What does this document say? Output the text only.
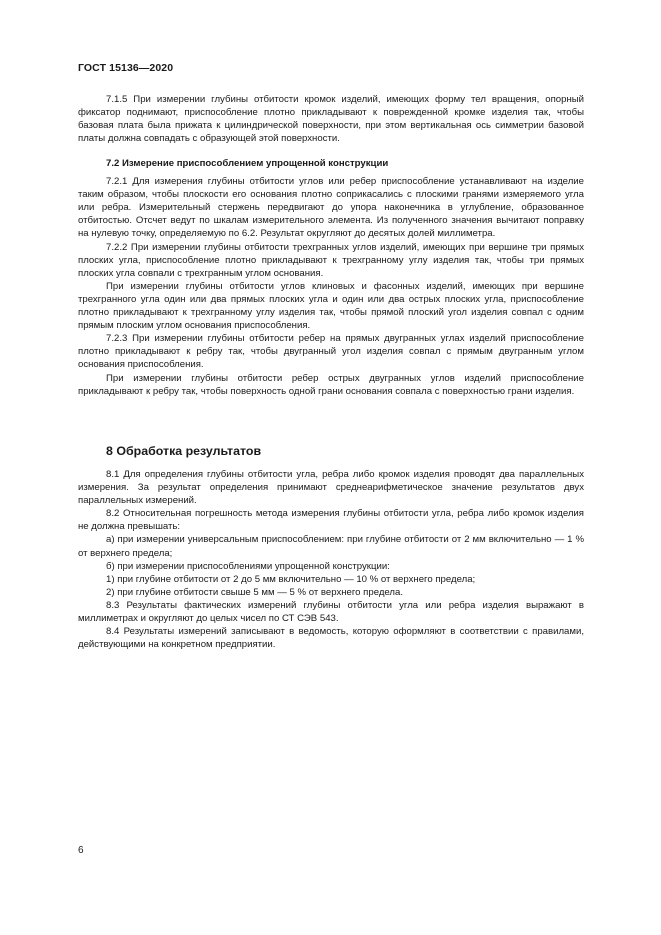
ГОСТ 15136—2020

7.1.5 При измерении глубины отбитости кромок изделий, имеющих форму тел вращения, опорный фиксатор поднимают, приспособление плотно прикладывают к поврежденной кромке изделия так, чтобы базовая плата была прижата к цилиндрической поверхности, при этом вертикальная ось симметрии базовой платы должна совпадать с образующей этой поверхности.

7.2 Измерение приспособлением упрощенной конструкции

7.2.1 Для измерения глубины отбитости углов или ребер приспособление устанавливают на изделие таким образом, чтобы плоскости его основания плотно соприкасались с плоскими гранями измеряемого угла или ребра. Измерительный стержень передвигают до упора наконечника в углубление, образованное отбитостью. Отсчет ведут по шкалам измерительного элемента. Из полученного значения вычитают поправку на нулевую точку, определяемую по 6.2. Результат округляют до десятых долей миллиметра.

7.2.2 При измерении глубины отбитости трехгранных углов изделий, имеющих при вершине три прямых плоских угла, приспособление плотно прикладывают к трехгранному углу изделия так, чтобы три прямых плоских угла совпали с трехгранным углом основания.

При измерении глубины отбитости углов клиновых и фасонных изделий, имеющих при вершине трехгранного угла один или два прямых плоских угла и один или два острых плоских угла, приспособление плотно прикладывают к трехгранному углу изделия так, чтобы прямой плоский угол изделия совпал с одним прямым плоским углом основания приспособления.

7.2.3 При измерении глубины отбитости ребер на прямых двугранных углах изделий приспособление плотно прикладывают к ребру так, чтобы двугранный угол изделия совпал с прямым двугранным углом основания приспособления.

При измерении глубины отбитости ребер острых двугранных углов изделий приспособление прикладывают к ребру так, чтобы поверхность одной грани основания совпала с поверхностью грани изделия.

8 Обработка результатов

8.1 Для определения глубины отбитости угла, ребра либо кромок изделия проводят два параллельных измерения. За результат определения принимают среднеарифметическое значение результатов двух параллельных измерений.

8.2 Относительная погрешность метода измерения глубины отбитости угла, ребра либо кромок изделия не должна превышать:

а) при измерении универсальным приспособлением: при глубине отбитости от 2 мм включительно — 1 % от верхнего предела;

б) при измерении приспособлениями упрощенной конструкции:

1) при глубине отбитости от 2 до 5 мм включительно — 10 % от верхнего предела;

2) при глубине отбитости свыше 5 мм — 5 % от верхнего предела.

8.3 Результаты фактических измерений глубины отбитости угла или ребра изделия выражают в миллиметрах и округляют до целых чисел по СТ СЭВ 543.

8.4 Результаты измерений записывают в ведомость, которую оформляют в соответствии с правилами, действующими на конкретном предприятии.

6
